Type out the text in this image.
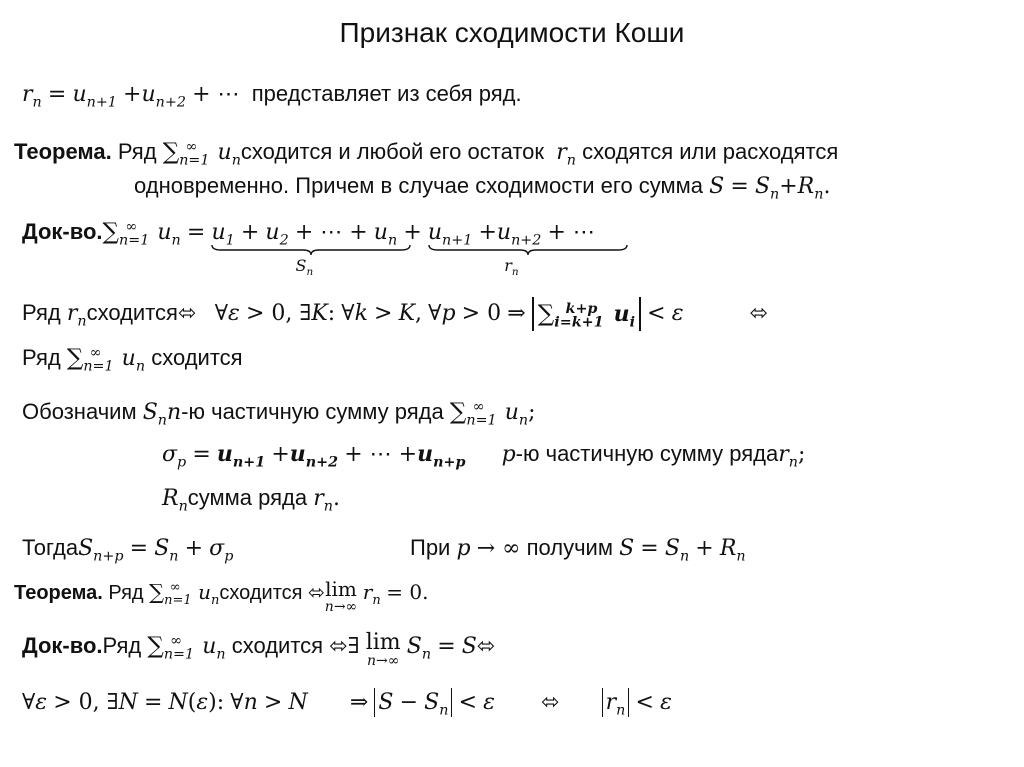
Признак сходимости Коши
$r_n = u_{n+1} +u_{n+2}$ + ⋯ представляет из себя ряд.
Теорема. Ряд $\sum_{n=1}^\infty$ $u_nсходится$ и любой его остаток $r_n$ сходятся или расходятся
одновременно. Причем в случае сходимости его сумма $S = S_n+R_n$.
Док-$во.\sum_{n=1}^\infty$ $u_n = u_1 + u_2$ + ⋯ + $u_n$
$S_n$
+ $u_{n+1} +u_{n+2}$ + ⋯
$r_n$
Ряд $r_nсходится⬄$ ∀ε > 0, ∃K: ∀k > K, ∀p > 0 ⇒ $\sum_{i=k+1}^{k+p}$ $u_i < \varepsilon$	⬄
Ряд $\sum_{n=1}^\infty$ $u_n$ сходится
Обозначим $S_nn-ю$ частичную сумму ряда $\sum_{n=1}^\infty$ $u_n$;
$\sigma_p = u_{n+1} +u_{n+2}$ + ⋯ $+u_{n+p}$ p-ю частичную сумму рядаr$_n$;
$R_nсумма$ ряда $r_n$.
ТогдаS$_{n+p}$ = $S_n + \sigma_p$	При p → ∞ получим $S = S_n + R_n$
Теорема. Ряд $\sum_{n=1}^\infty$ $u_nсходится$ ⬄ lim
n→∞
$r_n = 0$.
Док-во.Ряд $\sum_{n=1}^\infty$ $u_n$ сходится ⬄∃ lim
n→∞
$S_n$ = S⬄
∀ε > 0, ∃N = N(ε): ∀n > N ⇒ $S - S_n < \varepsilon$ ⬄ $r_n < \varepsilon$
